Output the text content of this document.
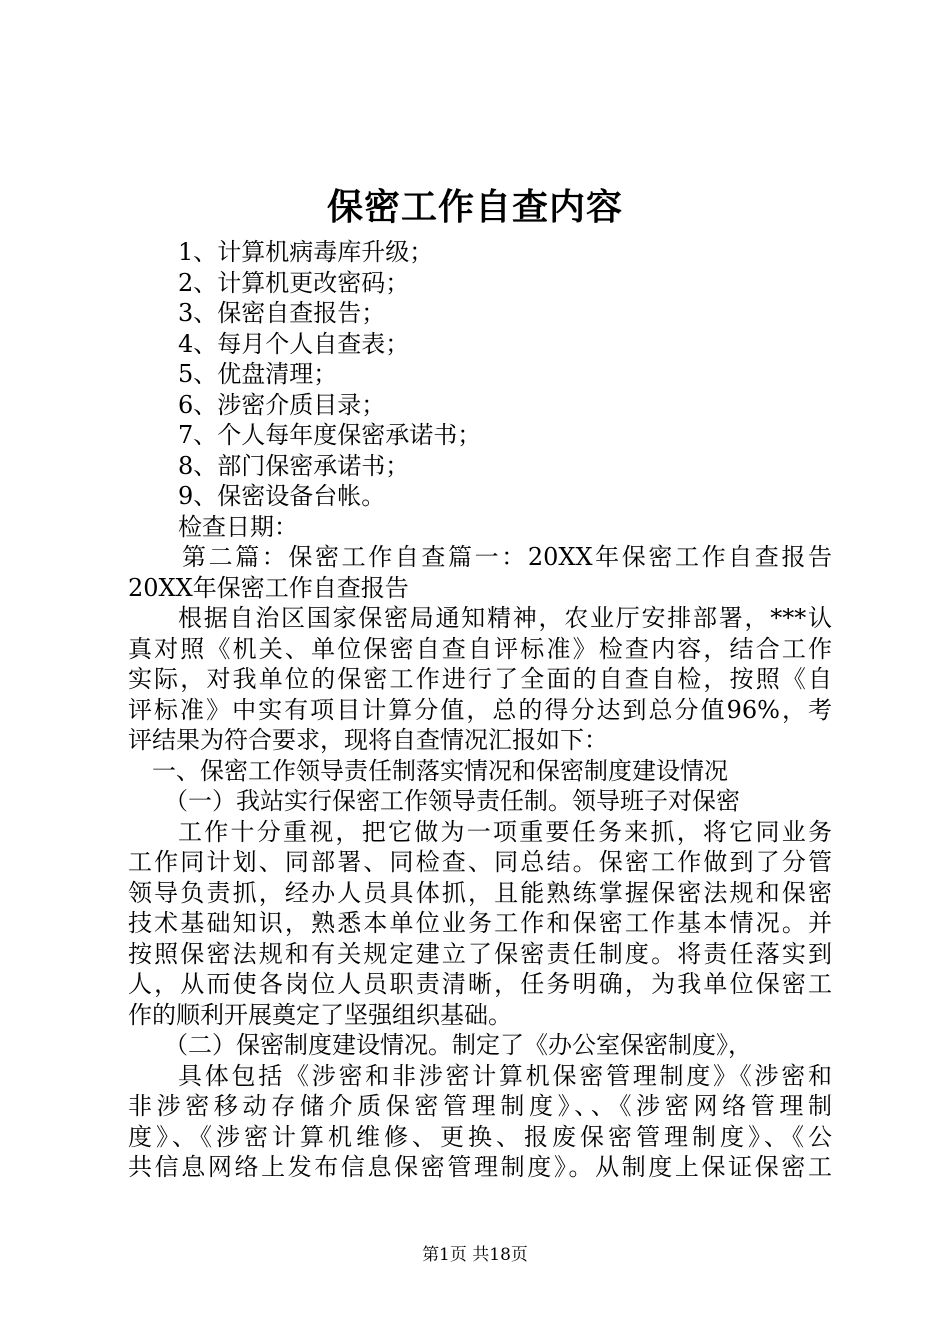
保密工作自查内容
1、计算机病毒库升级；
2、计算机更改密码；
3、保密自查报告；
4、每月个人自查表；
5、优盘清理；
6、涉密介质目录；
7、个人每年度保密承诺书；
8、部门保密承诺书；
9、保密设备台帐。
检查日期：
第二篇：保密工作自查篇一：20XX年保密工作自查报告
20XX年保密工作自查报告
根据自治区国家保密局通知精神，农业厅安排部署，***认
真对照《机关、单位保密自查自评标准》检查内容，结合工作
实际，对我单位的保密工作进行了全面的自查自检，按照《自
评标准》中实有项目计算分值，总的得分达到总分值96%，考
评结果为符合要求，现将自查情况汇报如下：
一、保密工作领导责任制落实情况和保密制度建设情况
（一）我站实行保密工作领导责任制。领导班子对保密
工作十分重视，把它做为一项重要任务来抓，将它同业务
工作同计划、同部署、同检查、同总结。保密工作做到了分管
领导负责抓，经办人员具体抓，且能熟练掌握保密法规和保密
技术基础知识，熟悉本单位业务工作和保密工作基本情况。并
按照保密法规和有关规定建立了保密责任制度。将责任落实到
人，从而使各岗位人员职责清晰，任务明确，为我单位保密工
作的顺利开展奠定了坚强组织基础。
（二）保密制度建设情况。制定了《办公室保密制度》，
具体包括《涉密和非涉密计算机保密管理制度》《涉密和
非涉密移动存储介质保密管理制度》、、《涉密网络管理制
度》、《涉密计算机维修、更换、报废保密管理制度》、《公
共信息网络上发布信息保密管理制度》。从制度上保证保密工
第1页 共18页
